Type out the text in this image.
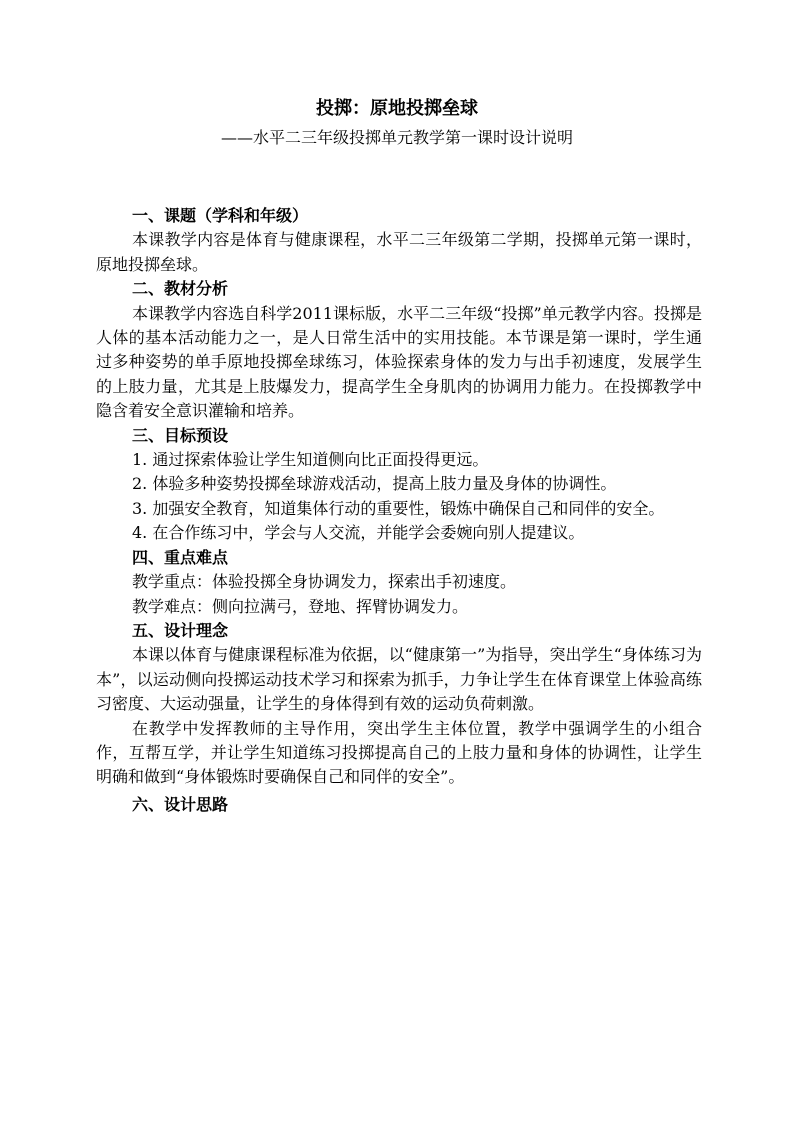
投掷：原地投掷垒球
——水平二三年级投掷单元教学第一课时设计说明
一、课题（学科和年级）

本课教学内容是体育与健康课程，水平二三年级第二学期，投掷单元第一课时，原地投掷垒球。

二、教材分析

本课教学内容选自科学2011课标版，水平二三年级“投掷”单元教学内容。投掷是人体的基本活动能力之一，是人日常生活中的实用技能。本节课是第一课时，学生通过多种姿势的单手原地投掷垒球练习，体验探索身体的发力与出手初速度，发展学生的上肢力量，尤其是上肢爆发力，提高学生全身肌肉的协调用力能力。在投掷教学中隐含着安全意识灌输和培养。

三、目标预设

1. 通过探索体验让学生知道侧向比正面投得更远。

2. 体验多种姿势投掷垒球游戏活动，提高上肢力量及身体的协调性。

3. 加强安全教育，知道集体行动的重要性，锻炼中确保自己和同伴的安全。

4. 在合作练习中，学会与人交流，并能学会委婉向别人提建议。

四、重点难点

教学重点：体验投掷全身协调发力，探索出手初速度。

教学难点：侧向拉满弓，登地、挥臂协调发力。

五、设计理念

本课以体育与健康课程标准为依据，以“健康第一”为指导，突出学生“身体练习为本”，以运动侧向投掷运动技术学习和探索为抓手，力争让学生在体育课堂上体验高练习密度、大运动强量，让学生的身体得到有效的运动负荷刺激。

在教学中发挥教师的主导作用，突出学生主体位置，教学中强调学生的小组合作，互帮互学，并让学生知道练习投掷提高自己的上肢力量和身体的协调性，让学生明确和做到“身体锻炼时要确保自己和同伴的安全”。

六、设计思路
